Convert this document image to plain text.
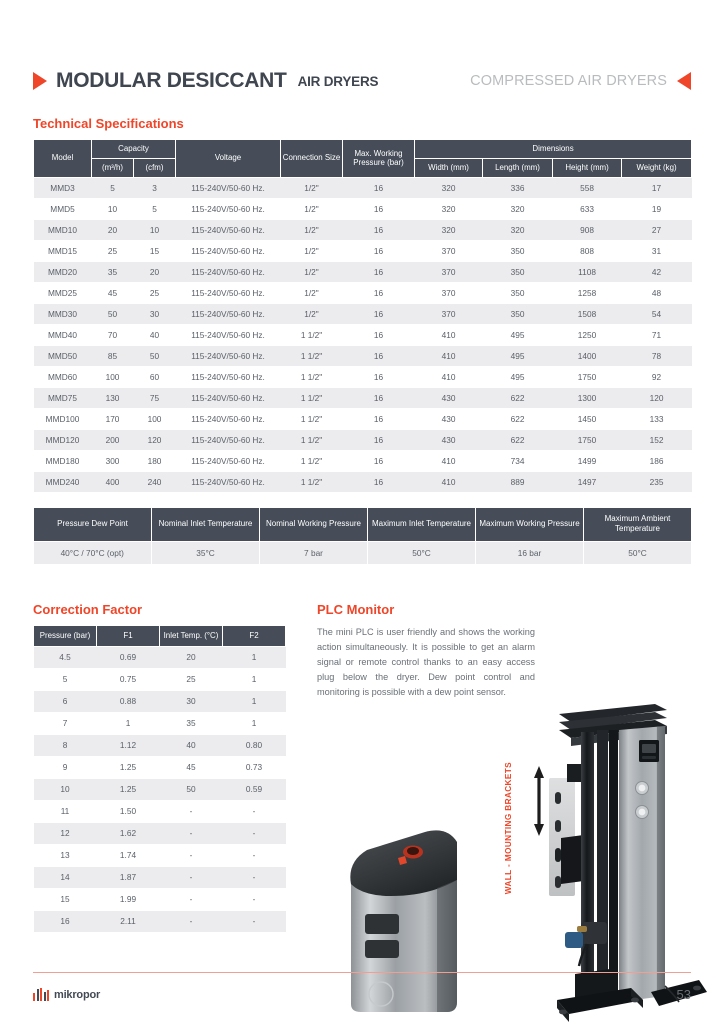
MODULAR DESICCANT AIR DRYERS	COMPRESSED AIR DRYERS
Technical Specifications
Model	Capacity		Voltage	Connection Size	Max. Working Pressure (bar)	Dimensions			
	(m³/h)	(cfm)				Width (mm)	Length (mm)	Height (mm)	Weight (kg)
MMD3	5	3	115-240V/50-60 Hz.	1/2"	16	320	336	558	17
MMD5	10	5	115-240V/50-60 Hz.	1/2"	16	320	320	633	19
MMD10	20	10	115-240V/50-60 Hz.	1/2"	16	320	320	908	27
MMD15	25	15	115-240V/50-60 Hz.	1/2"	16	370	350	808	31
MMD20	35	20	115-240V/50-60 Hz.	1/2"	16	370	350	1108	42
MMD25	45	25	115-240V/50-60 Hz.	1/2"	16	370	350	1258	48
MMD30	50	30	115-240V/50-60 Hz.	1/2"	16	370	350	1508	54
MMD40	70	40	115-240V/50-60 Hz.	1 1/2"	16	410	495	1250	71
MMD50	85	50	115-240V/50-60 Hz.	1 1/2"	16	410	495	1400	78
MMD60	100	60	115-240V/50-60 Hz.	1 1/2"	16	410	495	1750	92
MMD75	130	75	115-240V/50-60 Hz.	1 1/2"	16	430	622	1300	120
MMD100	170	100	115-240V/50-60 Hz.	1 1/2"	16	430	622	1450	133
MMD120	200	120	115-240V/50-60 Hz.	1 1/2"	16	430	622	1750	152
MMD180	300	180	115-240V/50-60 Hz.	1 1/2"	16	410	734	1499	186
MMD240	400	240	115-240V/50-60 Hz.	1 1/2"	16	410	889	1497	235
Pressure Dew Point	Nominal Inlet Temperature	Nominal Working Pressure	Maximum Inlet Temperature	Maximum Working Pressure	Maximum Ambient Temperature
40°C / 70°C (opt)	35°C	7 bar	50°C	16 bar	50°C
Correction Factor
Pressure (bar)	F1	Inlet Temp. (°C)	F2
4.5	0.69	20	1
5	0.75	25	1
6	0.88	30	1
7	1	35	1
8	1.12	40	0.80
9	1.25	45	0.73
10	1.25	50	0.59
11	1.50	-	-
12	1.62	-	-
13	1.74	-	-
14	1.87	-	-
15	1.99	-	-
16	2.11	-	-
PLC Monitor
The mini PLC is user friendly and shows the working action simultaneously. It is possible to get an alarm signal or remote control thanks to an easy access plug below the dryer. Dew point control and monitoring is possible with a dew point sensor.
WALL - MOUNTING BRACKETS
mikropor	53
